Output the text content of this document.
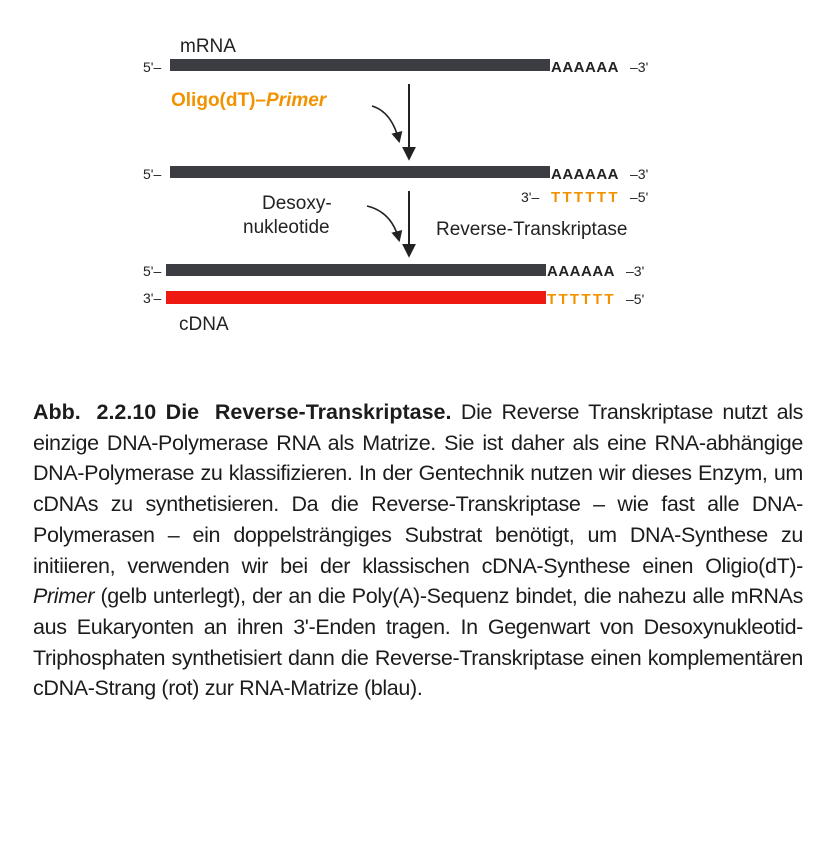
mRNA
5'–	AAAAAA –3'
Oligo(dT)–Primer
5'–	AAAAAA –3'
3'– TTTTTT –5'
Desoxy-
nukleotide	Reverse-Transkriptase
5'–	AAAAAA –3'
3'–	TTTTTT –5'
cDNA
Abb. 2.2.10 Die Reverse-Transkriptase. Die Reverse Transkriptase nutzt als einzige DNA-Polymerase RNA als Matrize. Sie ist daher als eine RNA-abhängige DNA-Polymerase zu klassifizieren. In der Gentechnik nutzen wir dieses Enzym, um cDNAs zu synthetisieren. Da die Reverse-Transkriptase – wie fast alle DNA-Polymerasen – ein doppelsträngiges Substrat benötigt, um DNA-Synthese zu initiieren, verwenden wir bei der klassischen cDNA-Synthese einen Oligio(dT)-Primer (gelb unterlegt), der an die Poly(A)-Sequenz bindet, die nahezu alle mRNAs aus Eukaryonten an ihren 3'-Enden tragen. In Gegenwart von Desoxynukleotid-Triphosphaten synthetisiert dann die Reverse-Transkriptase einen komplementären cDNA-Strang (rot) zur RNA-Matrize (blau).
